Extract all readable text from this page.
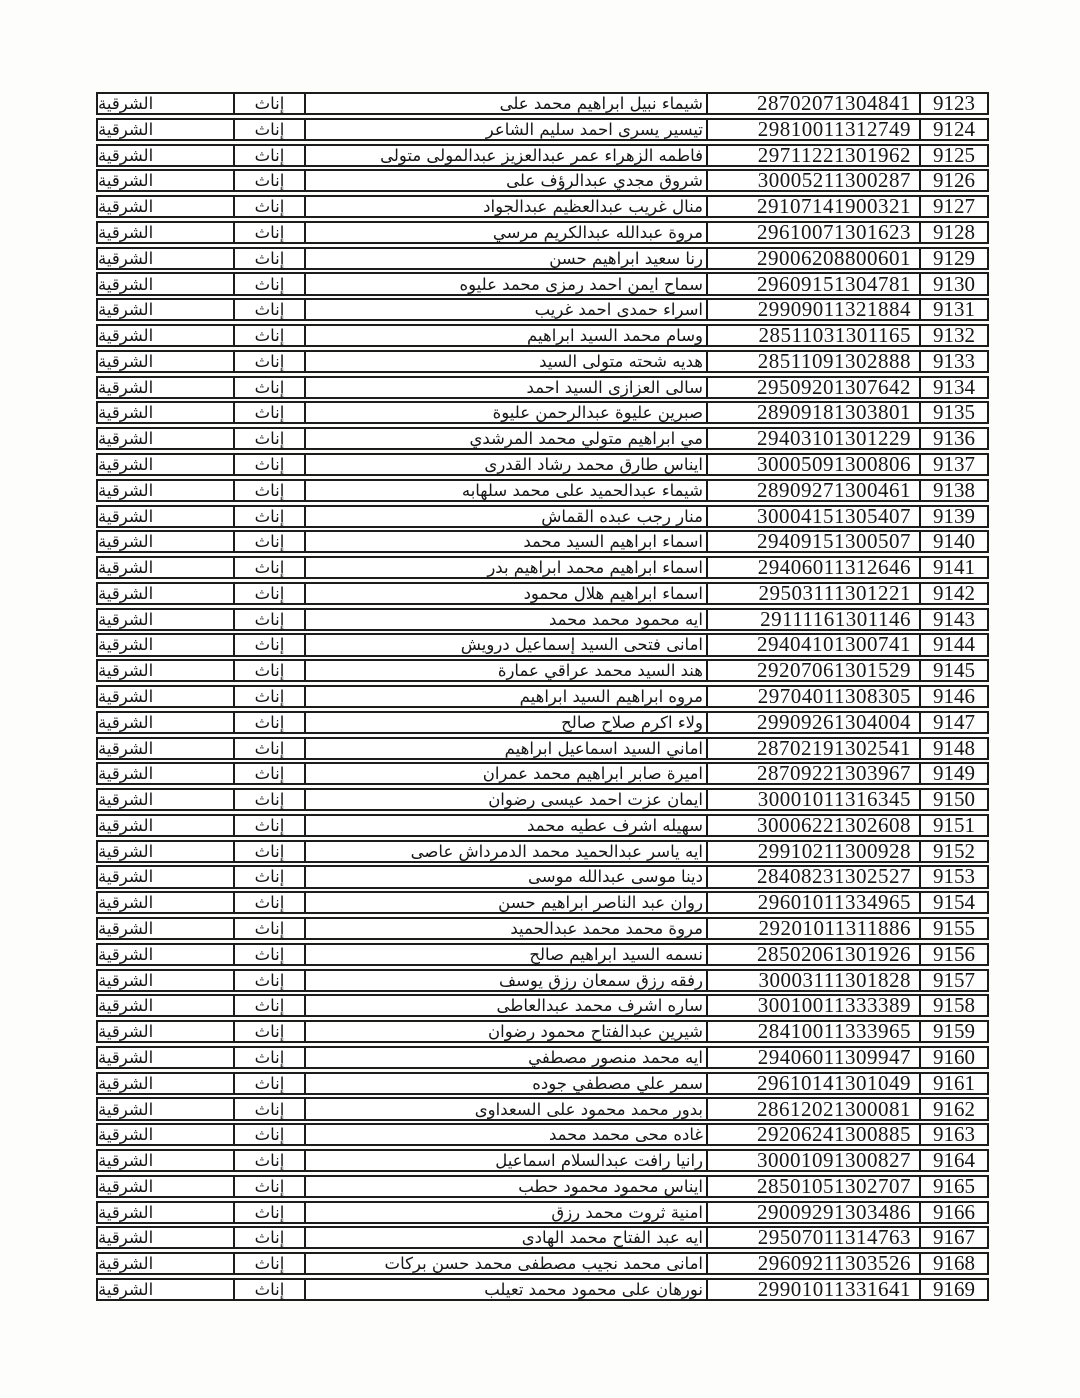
الشرقية	إناث	شيماء نبيل ابراهيم محمد على	28702071304841	9123
الشرقية	إناث	تيسير يسرى احمد سليم الشاعر	29810011312749	9124
الشرقية	إناث	فاطمه الزهراء عمر عبدالعزيز عبدالمولى متولى	29711221301962	9125
الشرقية	إناث	شروق مجدي عبدالرؤف على	30005211300287	9126
الشرقية	إناث	منال غريب عبدالعظيم عبدالجواد	29107141900321	9127
الشرقية	إناث	مروة عبدالله عبدالكريم مرسي	29610071301623	9128
الشرقية	إناث	رنا سعيد ابراهيم حسن	29006208800601	9129
الشرقية	إناث	سماح ايمن احمد رمزى محمد عليوه	29609151304781	9130
الشرقية	إناث	اسراء حمدى احمد غريب	29909011321884	9131
الشرقية	إناث	وسام محمد السيد ابراهيم	28511031301165	9132
الشرقية	إناث	هديه شحته متولى السيد	28511091302888	9133
الشرقية	إناث	سالى العزازى السيد احمد	29509201307642	9134
الشرقية	إناث	صبرين عليوة عبدالرحمن عليوة	28909181303801	9135
الشرقية	إناث	مي ابراهيم متولي محمد المرشدي	29403101301229	9136
الشرقية	إناث	ايناس طارق محمد رشاد القدرى	30005091300806	9137
الشرقية	إناث	شيماء عبدالحميد على محمد سلهابه	28909271300461	9138
الشرقية	إناث	منار رجب عبده القماش	30004151305407	9139
الشرقية	إناث	اسماء ابراهيم السيد محمد	29409151300507	9140
الشرقية	إناث	اسماء ابراهيم محمد ابراهيم بدر	29406011312646	9141
الشرقية	إناث	اسماء ابراهيم هلال محمود	29503111301221	9142
الشرقية	إناث	ايه محمود محمد محمد	29111161301146	9143
الشرقية	إناث	امانى فتحى السيد إسماعيل درويش	29404101300741	9144
الشرقية	إناث	هند السيد محمد عراقي عمارة	29207061301529	9145
الشرقية	إناث	مروه ابراهيم السيد ابراهيم	29704011308305	9146
الشرقية	إناث	ولاء اكرم صلاح صالح	29909261304004	9147
الشرقية	إناث	اماني السيد اسماعيل ابراهيم	28702191302541	9148
الشرقية	إناث	اميرة صابر ابراهيم محمد عمران	28709221303967	9149
الشرقية	إناث	ايمان عزت احمد عيسى رضوان	30001011316345	9150
الشرقية	إناث	سهيله اشرف عطيه محمد	30006221302608	9151
الشرقية	إناث	ايه ياسر عبدالحميد محمد الدمرداش عاصى	29910211300928	9152
الشرقية	إناث	دينا موسى عبدالله موسى	28408231302527	9153
الشرقية	إناث	روان عبد الناصر ابراهيم حسن	29601011334965	9154
الشرقية	إناث	مروة محمد محمد عبدالحميد	29201011311886	9155
الشرقية	إناث	نسمه السيد ابراهيم صالح	28502061301926	9156
الشرقية	إناث	رفقه رزق سمعان رزق يوسف	30003111301828	9157
الشرقية	إناث	ساره اشرف محمد عبدالعاطى	30010011333389	9158
الشرقية	إناث	شيرين عبدالفتاح محمود رضوان	28410011333965	9159
الشرقية	إناث	ايه محمد منصور مصطفي	29406011309947	9160
الشرقية	إناث	سمر علي مصطفي جوده	29610141301049	9161
الشرقية	إناث	بدور محمد محمود على السعداوى	28612021300081	9162
الشرقية	إناث	غاده محى محمد محمد	29206241300885	9163
الشرقية	إناث	رانيا رافت عبدالسلام اسماعيل	30001091300827	9164
الشرقية	إناث	ايناس محمود محمود حطب	28501051302707	9165
الشرقية	إناث	امنية ثروت محمد رزق	29009291303486	9166
الشرقية	إناث	ايه عبد الفتاح محمد الهادى	29507011314763	9167
الشرقية	إناث	امانى محمد نجيب مصطفى محمد حسن بركات	29609211303526	9168
الشرقية	إناث	نورهان على محمود محمد تعيلب	29901011331641	9169
